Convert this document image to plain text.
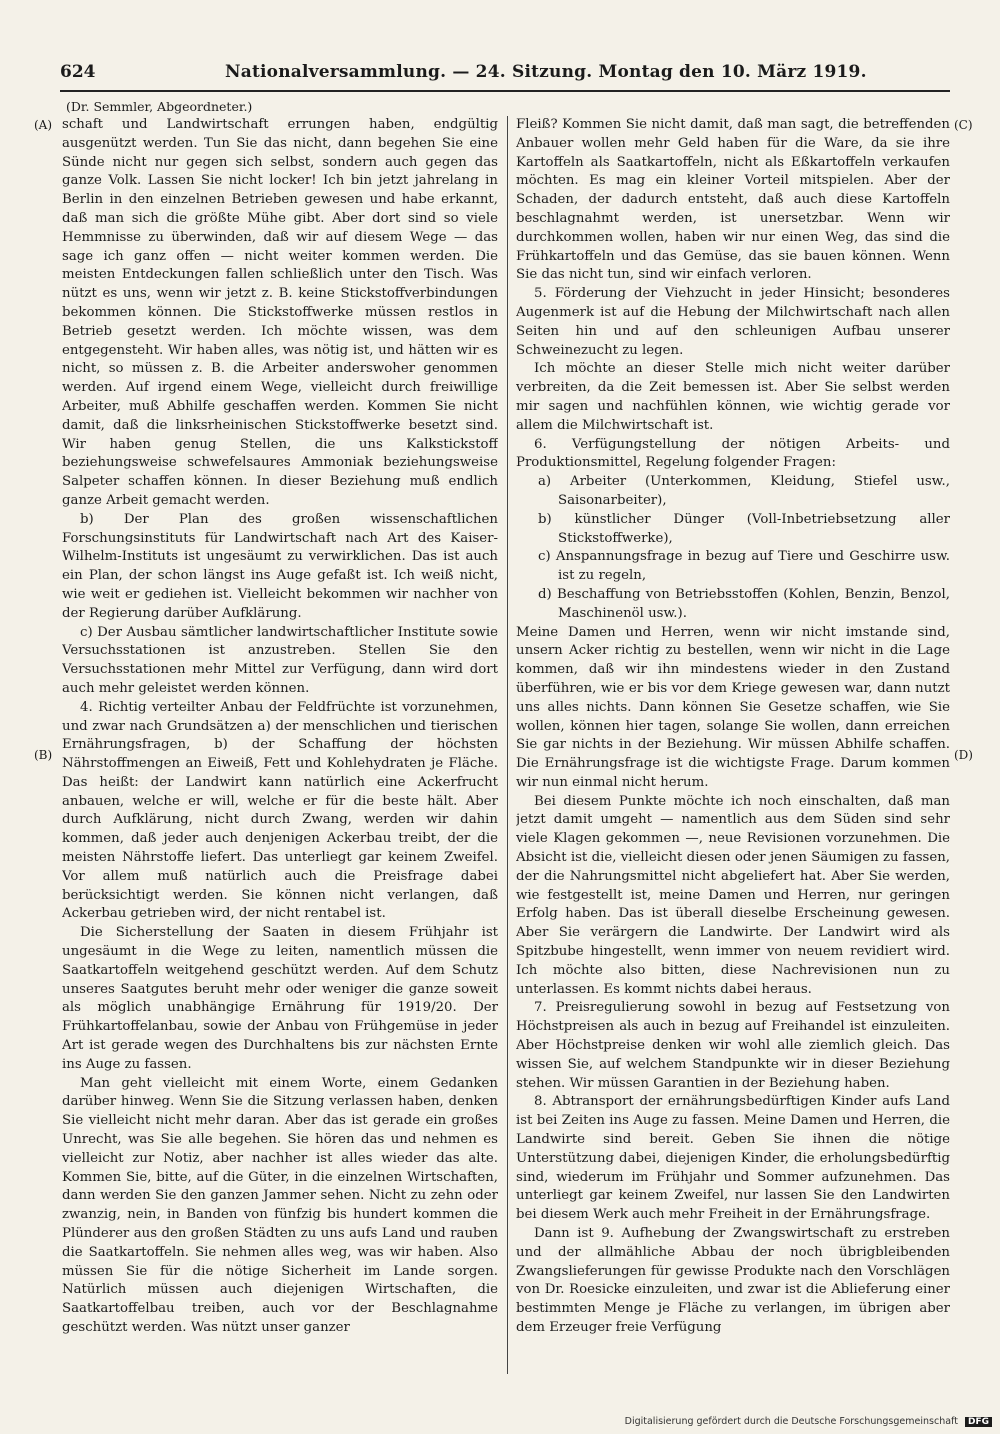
624	Nationalversammlung. — 24. Sitzung. Montag den 10. März 1919.
(Dr. Semmler, Abgeordneter.)
(A)
(B)
(C)
(D)

schaft und Landwirtschaft errungen haben, endgültig ausgenützt werden. Tun Sie das nicht, dann begehen Sie eine Sünde nicht nur gegen sich selbst, sondern auch gegen das ganze Volk. Lassen Sie nicht locker! Ich bin jetzt jahrelang in Berlin in den einzelnen Betrieben gewesen und habe erkannt, daß man sich die größte Mühe gibt. Aber dort sind so viele Hemmnisse zu überwinden, daß wir auf diesem Wege — das sage ich ganz offen — nicht weiter kommen werden. Die meisten Entdeckungen fallen schließlich unter den Tisch. Was nützt es uns, wenn wir jetzt z. B. keine Stickstoffverbindungen bekommen können. Die Stickstoffwerke müssen restlos in Betrieb gesetzt werden. Ich möchte wissen, was dem entgegensteht. Wir haben alles, was nötig ist, und hätten wir es nicht, so müssen z. B. die Arbeiter anderswoher genommen werden. Auf irgend einem Wege, vielleicht durch freiwillige Arbeiter, muß Abhilfe geschaffen werden. Kommen Sie nicht damit, daß die linksrheinischen Stickstoffwerke besetzt sind. Wir haben genug Stellen, die uns Kalkstickstoff beziehungsweise schwefelsaures Ammoniak beziehungsweise Salpeter schaffen können. In dieser Beziehung muß endlich ganze Arbeit gemacht werden.

b) Der Plan des großen wissenschaftlichen Forschungsinstituts für Landwirtschaft nach Art des Kaiser-Wilhelm-Instituts ist ungesäumt zu verwirklichen. Das ist auch ein Plan, der schon längst ins Auge gefaßt ist. Ich weiß nicht, wie weit er gediehen ist. Vielleicht bekommen wir nachher von der Regierung darüber Aufklärung.

c) Der Ausbau sämtlicher landwirtschaftlicher Institute sowie Versuchsstationen ist anzustreben. Stellen Sie den Versuchsstationen mehr Mittel zur Verfügung, dann wird dort auch mehr geleistet werden können.

4. Richtig verteilter Anbau der Feldfrüchte ist vorzunehmen, und zwar nach Grundsätzen a) der menschlichen und tierischen Ernährungsfragen, b) der Schaffung der höchsten Nährstoffmengen an Eiweiß, Fett und Kohlehydraten je Fläche. Das heißt: der Landwirt kann natürlich eine Ackerfrucht anbauen, welche er will, welche er für die beste hält. Aber durch Aufklärung, nicht durch Zwang, werden wir dahin kommen, daß jeder auch denjenigen Ackerbau treibt, der die meisten Nährstoffe liefert. Das unterliegt gar keinem Zweifel. Vor allem muß natürlich auch die Preisfrage dabei berücksichtigt werden. Sie können nicht verlangen, daß Ackerbau getrieben wird, der nicht rentabel ist.

Die Sicherstellung der Saaten in diesem Frühjahr ist ungesäumt in die Wege zu leiten, namentlich müssen die Saatkartoffeln weitgehend geschützt werden. Auf dem Schutz unseres Saatgutes beruht mehr oder weniger die ganze soweit als möglich unabhängige Ernährung für 1919/20. Der Frühkartoffelanbau, sowie der Anbau von Frühgemüse in jeder Art ist gerade wegen des Durchhaltens bis zur nächsten Ernte ins Auge zu fassen.

Man geht vielleicht mit einem Worte, einem Gedanken darüber hinweg. Wenn Sie die Sitzung verlassen haben, denken Sie vielleicht nicht mehr daran. Aber das ist gerade ein großes Unrecht, was Sie alle begehen. Sie hören das und nehmen es vielleicht zur Notiz, aber nachher ist alles wieder das alte. Kommen Sie, bitte, auf die Güter, in die einzelnen Wirtschaften, dann werden Sie den ganzen Jammer sehen. Nicht zu zehn oder zwanzig, nein, in Banden von fünfzig bis hundert kommen die Plünderer aus den großen Städten zu uns aufs Land und rauben die Saatkartoffeln. Sie nehmen alles weg, was wir haben. Also müssen Sie für die nötige Sicherheit im Lande sorgen. Natürlich müssen auch diejenigen Wirtschaften, die Saatkartoffelbau treiben, auch vor der Beschlagnahme geschützt werden. Was nützt unser ganzer

Fleiß? Kommen Sie nicht damit, daß man sagt, die betreffenden Anbauer wollen mehr Geld haben für die Ware, da sie ihre Kartoffeln als Saatkartoffeln, nicht als Eßkartoffeln verkaufen möchten. Es mag ein kleiner Vorteil mitspielen. Aber der Schaden, der dadurch entsteht, daß auch diese Kartoffeln beschlagnahmt werden, ist unersetzbar. Wenn wir durchkommen wollen, haben wir nur einen Weg, das sind die Frühkartoffeln und das Gemüse, das sie bauen können. Wenn Sie das nicht tun, sind wir einfach verloren.

5. Förderung der Viehzucht in jeder Hinsicht; besonderes Augenmerk ist auf die Hebung der Milchwirtschaft nach allen Seiten hin und auf den schleunigen Aufbau unserer Schweinezucht zu legen.

Ich möchte an dieser Stelle mich nicht weiter darüber verbreiten, da die Zeit bemessen ist. Aber Sie selbst werden mir sagen und nachfühlen können, wie wichtig gerade vor allem die Milchwirtschaft ist.

6. Verfügungstellung der nötigen Arbeits- und Produktionsmittel, Regelung folgender Fragen:

a) Arbeiter (Unterkommen, Kleidung, Stiefel usw., Saisonarbeiter),

b) künstlicher Dünger (Voll-Inbetriebsetzung aller Stickstoffwerke),

c) Anspannungsfrage in bezug auf Tiere und Geschirre usw. ist zu regeln,

d) Beschaffung von Betriebsstoffen (Kohlen, Benzin, Benzol, Maschinenöl usw.).

Meine Damen und Herren, wenn wir nicht imstande sind, unsern Acker richtig zu bestellen, wenn wir nicht in die Lage kommen, daß wir ihn mindestens wieder in den Zustand überführen, wie er bis vor dem Kriege gewesen war, dann nutzt uns alles nichts. Dann können Sie Gesetze schaffen, wie Sie wollen, können hier tagen, solange Sie wollen, dann erreichen Sie gar nichts in der Beziehung. Wir müssen Abhilfe schaffen. Die Ernährungsfrage ist die wichtigste Frage. Darum kommen wir nun einmal nicht herum.

Bei diesem Punkte möchte ich noch einschalten, daß man jetzt damit umgeht — namentlich aus dem Süden sind sehr viele Klagen gekommen —, neue Revisionen vorzunehmen. Die Absicht ist die, vielleicht diesen oder jenen Säumigen zu fassen, der die Nahrungsmittel nicht abgeliefert hat. Aber Sie werden, wie festgestellt ist, meine Damen und Herren, nur geringen Erfolg haben. Das ist überall dieselbe Erscheinung gewesen. Aber Sie verärgern die Landwirte. Der Landwirt wird als Spitzbube hingestellt, wenn immer von neuem revidiert wird. Ich möchte also bitten, diese Nachrevisionen nun zu unterlassen. Es kommt nichts dabei heraus.

7. Preisregulierung sowohl in bezug auf Festsetzung von Höchstpreisen als auch in bezug auf Freihandel ist einzuleiten. Aber Höchstpreise denken wir wohl alle ziemlich gleich. Das wissen Sie, auf welchem Standpunkte wir in dieser Beziehung stehen. Wir müssen Garantien in der Beziehung haben.

8. Abtransport der ernährungsbedürftigen Kinder aufs Land ist bei Zeiten ins Auge zu fassen. Meine Damen und Herren, die Landwirte sind bereit. Geben Sie ihnen die nötige Unterstützung dabei, diejenigen Kinder, die erholungsbedürftig sind, wiederum im Frühjahr und Sommer aufzunehmen. Das unterliegt gar keinem Zweifel, nur lassen Sie den Landwirten bei diesem Werk auch mehr Freiheit in der Ernährungsfrage.

Dann ist 9. Aufhebung der Zwangswirtschaft zu erstreben und der allmähliche Abbau der noch übrigbleibenden Zwangslieferungen für gewisse Produkte nach den Vorschlägen von Dr. Roesicke einzuleiten, und zwar ist die Ablieferung einer bestimmten Menge je Fläche zu verlangen, im übrigen aber dem Erzeuger freie Verfügung

Digitalisierung gefördert durch die Deutsche Forschungsgemeinschaft DFG
